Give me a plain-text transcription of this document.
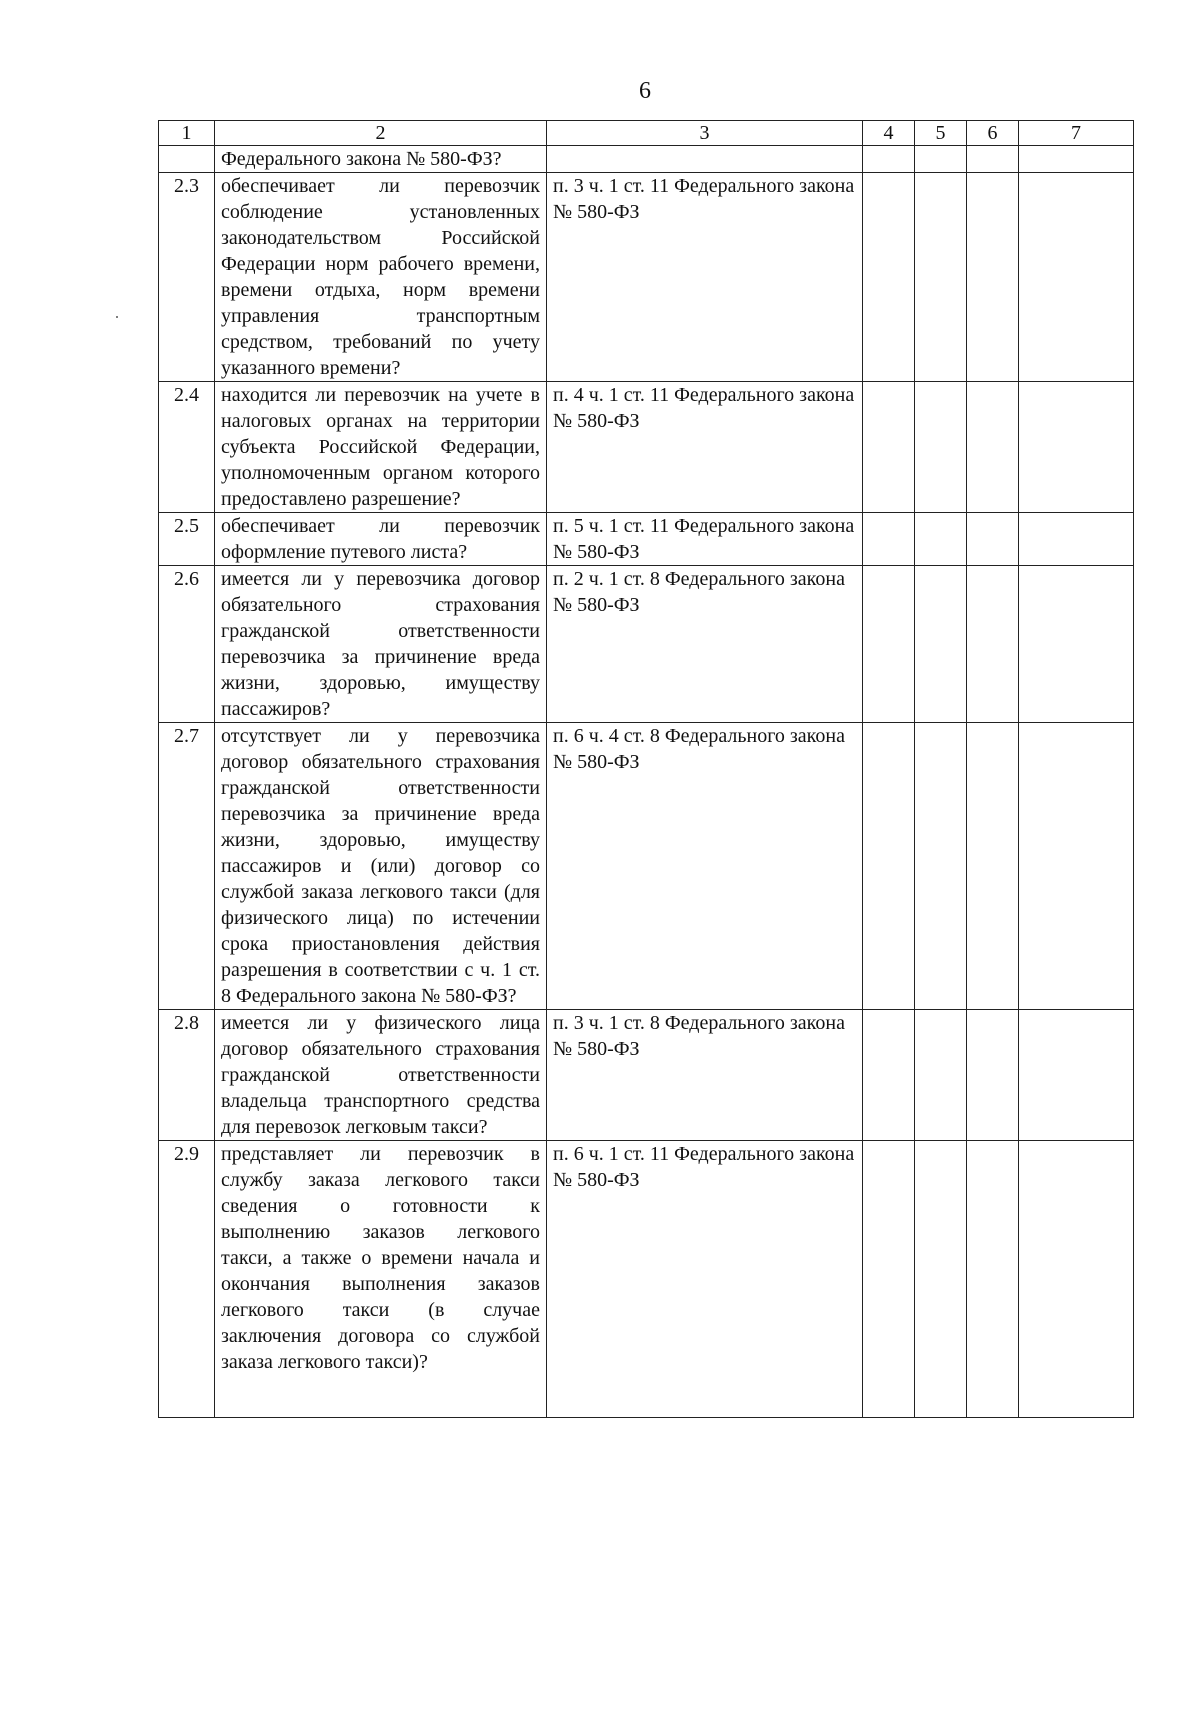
6
1	2	3	4	5	6	7
	Федерального закона № 580-ФЗ?					
2.3	обеспечивает ли перевозчик соблюдение установленных законодательством Российской Федерации норм рабочего времени, времени отдыха, норм времени управления транспортным средством, требований по учету указанного времени?	п. 3 ч. 1 ст. 11 Федерального закона № 580-ФЗ				
2.4	находится ли перевозчик на учете в налоговых органах на территории субъекта Российской Федерации, уполномоченным органом которого предоставлено разрешение?	п. 4 ч. 1 ст. 11 Федерального закона № 580-ФЗ				
2.5	обеспечивает ли перевозчик оформление путевого листа?	п. 5 ч. 1 ст. 11 Федерального закона № 580-ФЗ				
2.6	имеется ли у перевозчика договор обязательного страхования гражданской ответственности перевозчика за причинение вреда жизни, здоровью, имуществу пассажиров?	п. 2 ч. 1 ст. 8 Федерального закона № 580-ФЗ				
2.7	отсутствует ли у перевозчика договор обязательного страхования гражданской ответственности перевозчика за причинение вреда жизни, здоровью, имуществу пассажиров и (или) договор со службой заказа легкового такси (для физического лица) по истечении срока приостановления действия разрешения в соответствии с ч. 1 ст. 8 Федерального закона № 580-ФЗ?	п. 6 ч. 4 ст. 8 Федерального закона № 580-ФЗ				
2.8	имеется ли у физического лица договор обязательного страхования гражданской ответственности владельца транспортного средства для перевозок легковым такси?	п. 3 ч. 1 ст. 8 Федерального закона № 580-ФЗ				
2.9	представляет ли перевозчик в службу заказа легкового такси сведения о готовности к выполнению заказов легкового такси, а также о времени начала и окончания выполнения заказов легкового такси (в случае заключения договора со службой заказа легкового такси)?	п. 6 ч. 1 ст. 11 Федерального закона № 580-ФЗ				
